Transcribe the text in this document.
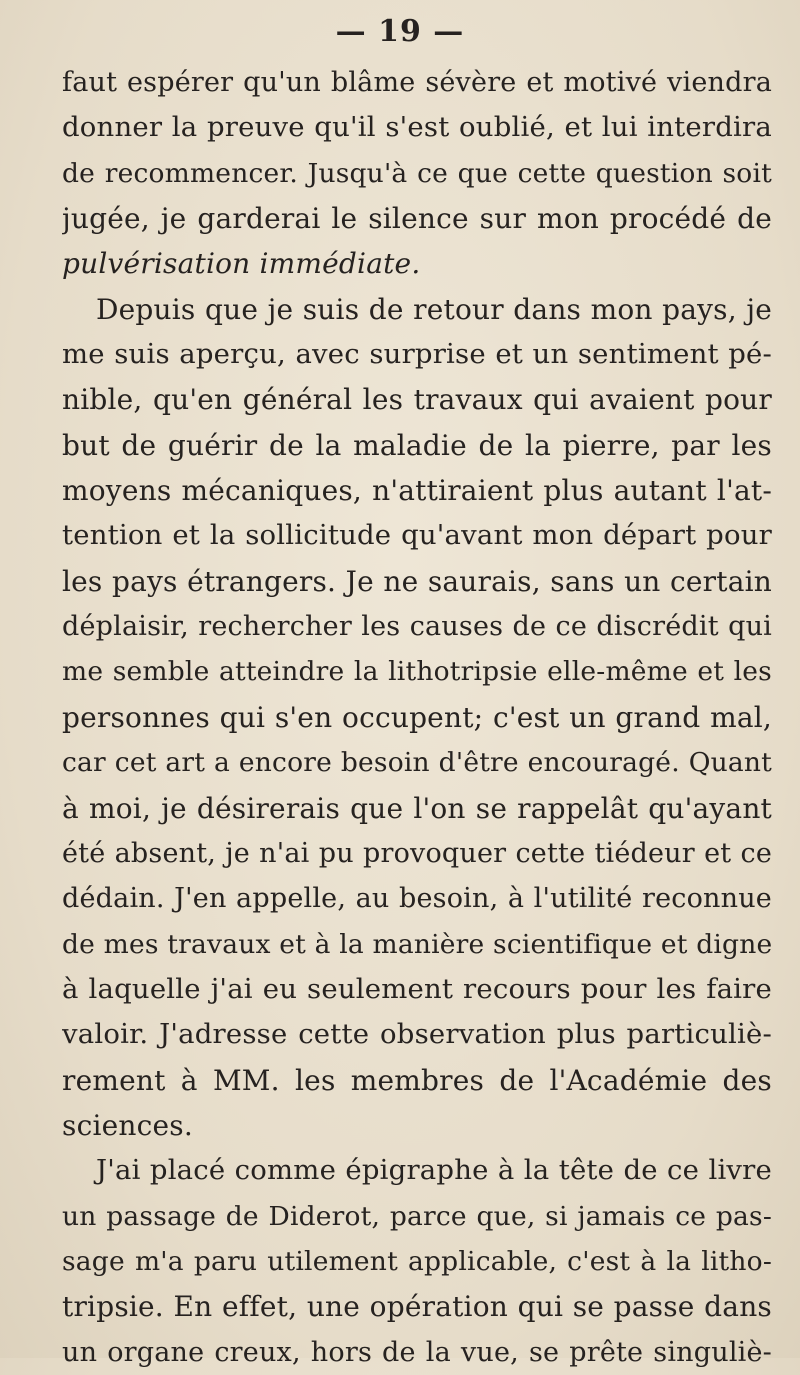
— 19 —
faut espérer qu'un blâme sévère et motivé viendra
donner la preuve qu'il s'est oublié, et lui interdira
de recommencer. Jusqu'à ce que cette question soit
jugée, je garderai le silence sur mon procédé de
pulvérisation immédiate.
Depuis que je suis de retour dans mon pays, je
me suis aperçu, avec surprise et un sentiment pé-
nible, qu'en général les travaux qui avaient pour
but de guérir de la maladie de la pierre, par les
moyens mécaniques, n'attiraient plus autant l'at-
tention et la sollicitude qu'avant mon départ pour
les pays étrangers. Je ne saurais, sans un certain
déplaisir, rechercher les causes de ce discrédit qui
me semble atteindre la lithotripsie elle-même et les
personnes qui s'en occupent; c'est un grand mal,
car cet art a encore besoin d'être encouragé. Quant
à moi, je désirerais que l'on se rappelât qu'ayant
été absent, je n'ai pu provoquer cette tiédeur et ce
dédain. J'en appelle, au besoin, à l'utilité reconnue
de mes travaux et à la manière scientifique et digne
à laquelle j'ai eu seulement recours pour les faire
valoir. J'adresse cette observation plus particuliè-
rement à MM. les membres de l'Académie des
sciences.
J'ai placé comme épigraphe à la tête de ce livre
un passage de Diderot, parce que, si jamais ce pas-
sage m'a paru utilement applicable, c'est à la litho-
tripsie. En effet, une opération qui se passe dans
un organe creux, hors de la vue, se prête singuliè-
